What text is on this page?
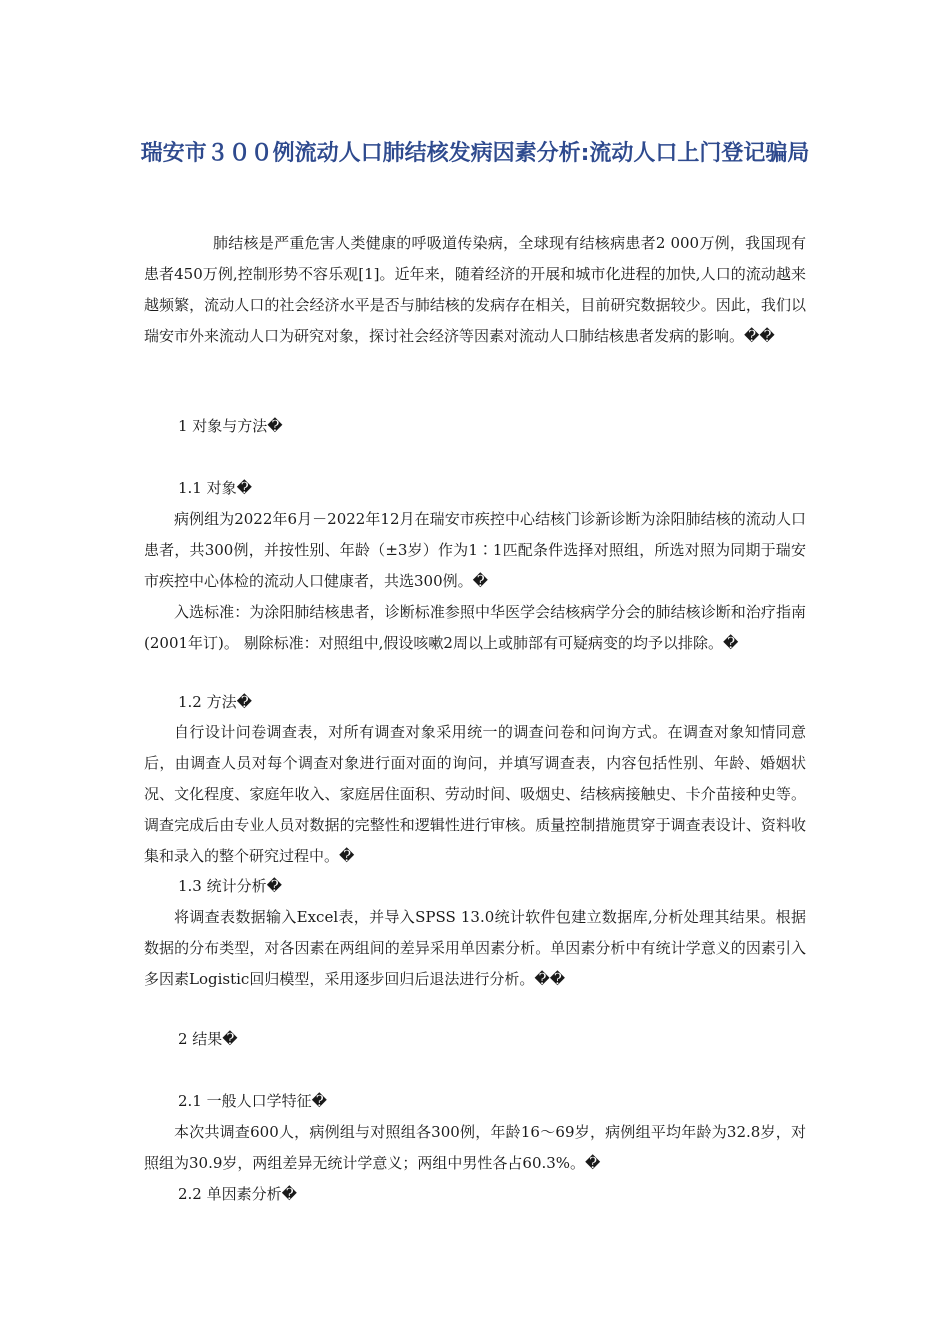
瑞安市３００例流动人口肺结核发病因素分析:流动人口上门登记骗局

肺结核是严重危害人类健康的呼吸道传染病，全球现有结核病患者2 000万例，我国现有患者450万例,控制形势不容乐观[1]。近年来，随着经济的开展和城市化进程的加快,人口的流动越来越频繁，流动人口的社会经济水平是否与肺结核的发病存在相关，目前研究数据较少。因此，我们以瑞安市外来流动人口为研究对象，探讨社会经济等因素对流动人口肺结核患者发病的影响。��

1 对象与方法�

1.1 对象�

病例组为2022年6月－2022年12月在瑞安市疾控中心结核门诊新诊断为涂阳肺结核的流动人口患者，共300例，并按性别、年龄（±3岁）作为1∶1匹配条件选择对照组，所选对照为同期于瑞安市疾控中心体检的流动人口健康者，共选300例。�

入选标准：为涂阳肺结核患者，诊断标准参照中华医学会结核病学分会的肺结核诊断和治疗指南(2001年订)。 剔除标准：对照组中,假设咳嗽2周以上或肺部有可疑病变的均予以排除。�

1.2 方法�

自行设计问卷调查表，对所有调查对象采用统一的调查问卷和问询方式。在调查对象知情同意后，由调查人员对每个调查对象进行面对面的询问，并填写调查表，内容包括性别、年龄、婚姻状况、文化程度、家庭年收入、家庭居住面积、劳动时间、吸烟史、结核病接触史、卡介苗接种史等。调查完成后由专业人员对数据的完整性和逻辑性进行审核。质量控制措施贯穿于调查表设计、资料收集和录入的整个研究过程中。�

1.3 统计分析�

将调查表数据输入Excel表，并导入SPSS 13.0统计软件包建立数据库,分析处理其结果。根据数据的分布类型，对各因素在两组间的差异采用单因素分析。单因素分析中有统计学意义的因素引入多因素Logistic回归模型，采用逐步回归后退法进行分析。��

2 结果�

2.1 一般人口学特征�

本次共调查600人，病例组与对照组各300例，年龄16～69岁，病例组平均年龄为32.8岁，对照组为30.9岁，两组差异无统计学意义；两组中男性各占60.3%。�

2.2 单因素分析�
